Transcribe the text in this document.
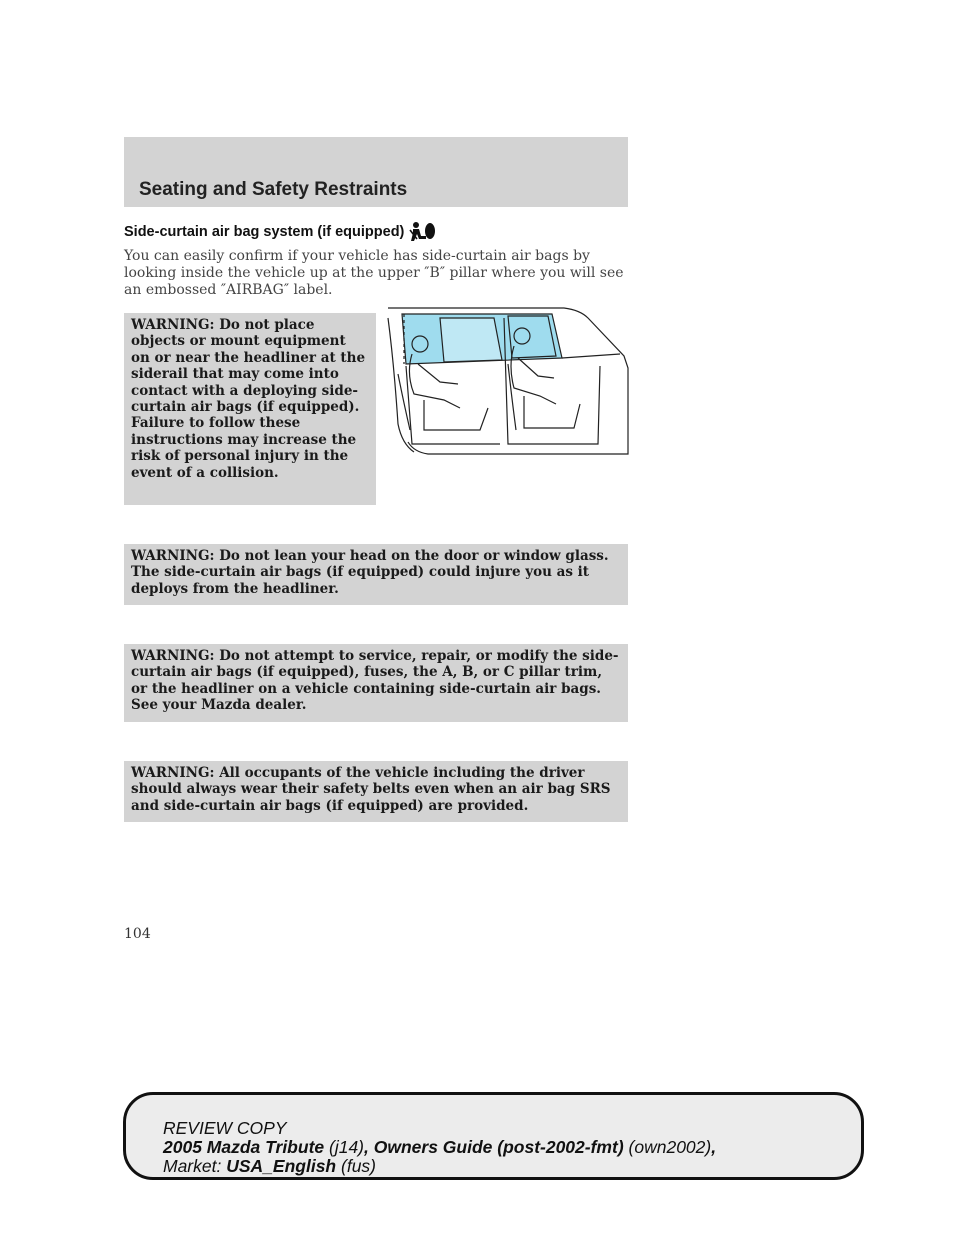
Seating and Safety Restraints
Side-curtain air bag system (if equipped)

You can easily confirm if your vehicle has side-curtain air bags by looking inside the vehicle up at the upper ″B″ pillar where you will see an embossed ″AIRBAG″ label.

WARNING: Do not place objects or mount equipment on or near the headliner at the siderail that may come into contact with a deploying side-curtain air bags (if equipped). Failure to follow these instructions may increase the risk of personal injury in the event of a collision.
WARNING: Do not lean your head on the door or window glass. The side-curtain air bags (if equipped) could injure you as it deploys from the headliner.
WARNING: Do not attempt to service, repair, or modify the side-curtain air bags (if equipped), fuses, the A, B, or C pillar trim, or the headliner on a vehicle containing side-curtain air bags. See your Mazda dealer.
WARNING: All occupants of the vehicle including the driver should always wear their safety belts even when an air bag SRS and side-curtain air bags (if equipped) are provided.

104

REVIEW COPY
2005 Mazda Tribute (j14), Owners Guide (post-2002-fmt) (own2002),
Market: USA_English (fus)
